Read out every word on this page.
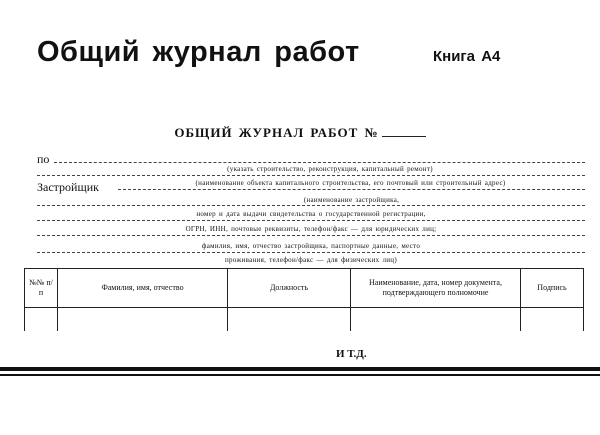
Общий журнал работ	Книга А4
ОБЩИЙ ЖУРНАЛ РАБОТ №
по
(указать строительство, реконструкция, капитальный ремонт)
Застройщик	(наименование объекта капитального строительства, его почтовый или строительный адрес)
(наименование застройщика,
номер и дата выдачи свидетельства о государственной регистрации,
ОГРН, ИНН, почтовые реквизиты, телефон/факс — для юридических лиц;
фамилия, имя, отчество застройщика, паспортные данные, место
проживания, телефон/факс — для физических лиц)
№№ п/п	Фамилия, имя, отчество	Должность	Наименование, дата, номер документа, подтверждающего полномочие	Подпись

И Т.Д.
